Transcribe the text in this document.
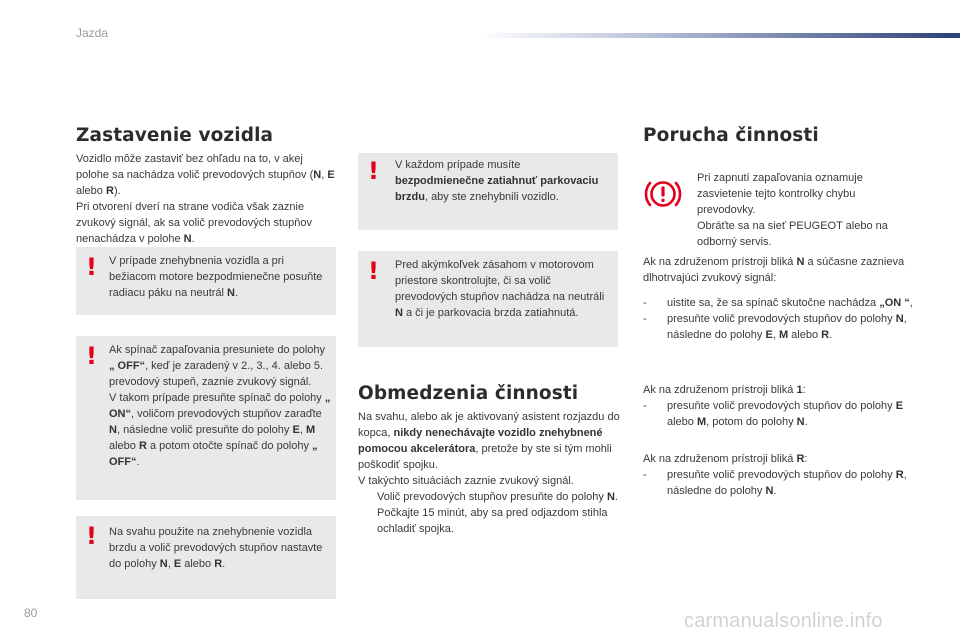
Jazda
Zastavenie vozidla
Vozidlo môže zastaviť bez ohľadu na to, v akej polohe sa nachádza volič prevodových stupňov (N, E alebo R).
Pri otvorení dverí na strane vodiča však zaznie zvukový signál, ak sa volič prevodových stupňov nenachádza v polohe N.
! V prípade znehybnenia vozidla a pri bežiacom motore bezpodmienečne posuňte radiacu páku na neutrál N.
! Ak spínač zapaľovania presuniete do polohy „ OFF“, keď je zaradený v 2., 3., 4. alebo 5. prevodový stupeň, zaznie zvukový signál.
V takom prípade presuňte spínač do polohy „ ON“, voličom prevodových stupňov zaraďte N, následne volič presuňte do polohy E, M alebo R a potom otočte spínač do polohy „ OFF“.
! Na svahu použite na znehybnenie vozidla brzdu a volič prevodových stupňov nastavte do polohy N, E alebo R.
! V každom prípade musíte bezpodmienečne zatiahnuť parkovaciu brzdu, aby ste znehybnili vozidlo.
! Pred akýmkoľvek zásahom v motorovom priestore skontrolujte, či sa volič prevodových stupňov nachádza na neutráli N a či je parkovacia brzda zatiahnutá.
Obmedzenia činnosti
Na svahu, alebo ak je aktivovaný asistent rozjazdu do kopca, nikdy nenechávajte vozidlo znehybnené pomocou akcelerátora, pretože by ste si tým mohli poškodiť spojku.
V takýchto situáciách zaznie zvukový signál.
Volič prevodových stupňov presuňte do polohy N.
Počkajte 15 minút, aby sa pred odjazdom stihla ochladiť spojka.
Porucha činnosti
Pri zapnutí zapaľovania oznamuje zasvietenie tejto kontrolky chybu prevodovky.
Obráťte sa na sieť PEUGEOT alebo na odborný servis.
Ak na združenom prístroji bliká N a súčasne zaznieva dlhotrvajúci zvukový signál:
- uistite sa, že sa spínač skutočne nachádza „ON “,
- presuňte volič prevodových stupňov do polohy N, následne do polohy E, M alebo R.
Ak na združenom prístroji bliká 1:
- presuňte volič prevodových stupňov do polohy E alebo M, potom do polohy N.
Ak na združenom prístroji bliká R:
- presuňte volič prevodových stupňov do polohy R, následne do polohy N.
80	carmanualsonline.info
